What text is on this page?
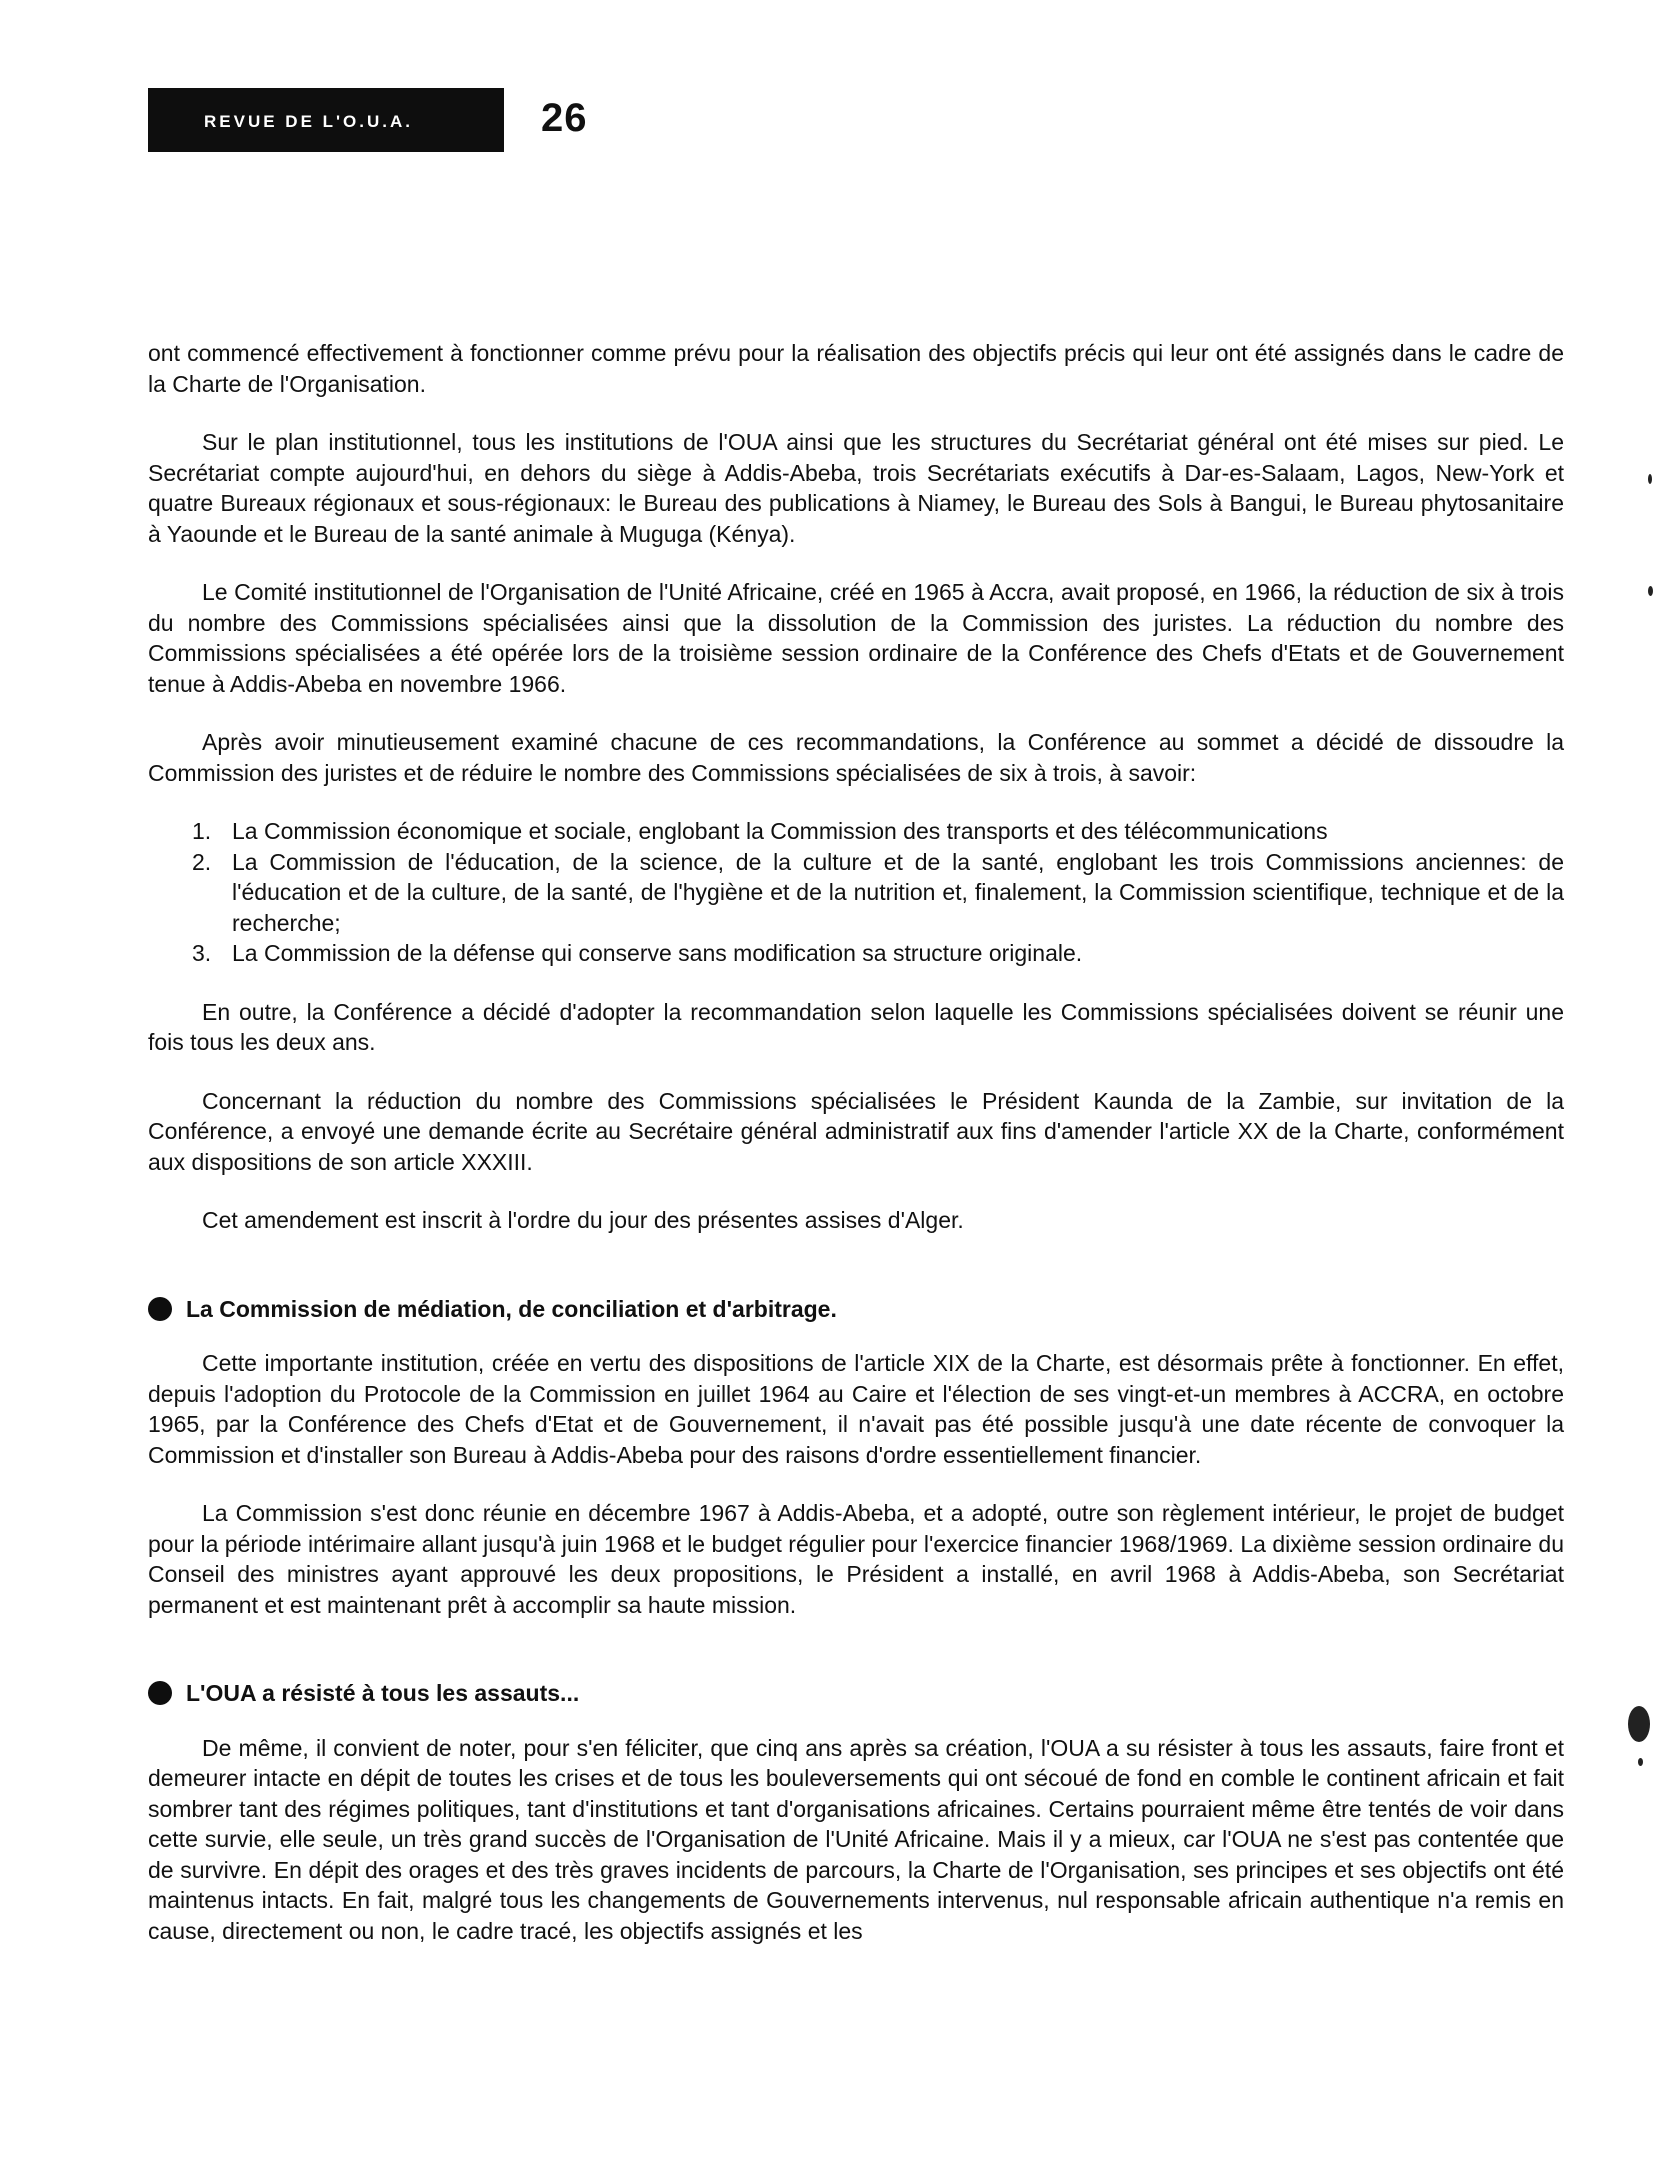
REVUE DE L'O.U.A.	26

ont commencé effectivement à fonctionner comme prévu pour la réalisation des objectifs précis qui leur ont été assignés dans le cadre de la Charte de l'Organisation.

Sur le plan institutionnel, tous les institutions de l'OUA ainsi que les structures du Secrétariat général ont été mises sur pied. Le Secrétariat compte aujourd'hui, en dehors du siège à Addis-Abeba, trois Secrétariats exécutifs à Dar-es-Salaam, Lagos, New-York et quatre Bureaux régionaux et sous-régionaux: le Bureau des publications à Niamey, le Bureau des Sols à Bangui, le Bureau phytosanitaire à Yaounde et le Bureau de la santé animale à Muguga (Kénya).

Le Comité institutionnel de l'Organisation de l'Unité Africaine, créé en 1965 à Accra, avait proposé, en 1966, la réduction de six à trois du nombre des Commissions spécialisées ainsi que la dissolution de la Commission des juristes. La réduction du nombre des Commissions spécialisées a été opérée lors de la troisième session ordinaire de la Conférence des Chefs d'Etats et de Gouvernement tenue à Addis-Abeba en novembre 1966.

Après avoir minutieusement examiné chacune de ces recommandations, la Conférence au sommet a décidé de dissoudre la Commission des juristes et de réduire le nombre des Commissions spécialisées de six à trois, à savoir:

1. La Commission économique et sociale, englobant la Commission des transports et des télécommunications
2. La Commission de l'éducation, de la science, de la culture et de la santé, englobant les trois Commissions anciennes: de l'éducation et de la culture, de la santé, de l'hygiène et de la nutrition et, finalement, la Commission scientifique, technique et de la recherche;
3. La Commission de la défense qui conserve sans modification sa structure originale.

En outre, la Conférence a décidé d'adopter la recommandation selon laquelle les Commissions spécialisées doivent se réunir une fois tous les deux ans.

Concernant la réduction du nombre des Commissions spécialisées le Président Kaunda de la Zambie, sur invitation de la Conférence, a envoyé une demande écrite au Secrétaire général administratif aux fins d'amender l'article XX de la Charte, conformément aux dispositions de son article XXXIII.

Cet amendement est inscrit à l'ordre du jour des présentes assises d'Alger.

La Commission de médiation, de conciliation et d'arbitrage.

Cette importante institution, créée en vertu des dispositions de l'article XIX de la Charte, est désormais prête à fonctionner. En effet, depuis l'adoption du Protocole de la Commission en juillet 1964 au Caire et l'élection de ses vingt-et-un membres à ACCRA, en octobre 1965, par la Conférence des Chefs d'Etat et de Gouvernement, il n'avait pas été possible jusqu'à une date récente de convoquer la Commission et d'installer son Bureau à Addis-Abeba pour des raisons d'ordre essentiellement financier.

La Commission s'est donc réunie en décembre 1967 à Addis-Abeba, et a adopté, outre son règlement intérieur, le projet de budget pour la période intérimaire allant jusqu'à juin 1968 et le budget régulier pour l'exercice financier 1968/1969. La dixième session ordinaire du Conseil des ministres ayant approuvé les deux propositions, le Président a installé, en avril 1968 à Addis-Abeba, son Secrétariat permanent et est maintenant prêt à accomplir sa haute mission.

L'OUA a résisté à tous les assauts...

De même, il convient de noter, pour s'en féliciter, que cinq ans après sa création, l'OUA a su résister à tous les assauts, faire front et demeurer intacte en dépit de toutes les crises et de tous les bouleversements qui ont sécoué de fond en comble le continent africain et fait sombrer tant des régimes politiques, tant d'institutions et tant d'organisations africaines. Certains pourraient même être tentés de voir dans cette survie, elle seule, un très grand succès de l'Organisation de l'Unité Africaine. Mais il y a mieux, car l'OUA ne s'est pas contentée que de survivre. En dépit des orages et des très graves incidents de parcours, la Charte de l'Organisation, ses principes et ses objectifs ont été maintenus intacts. En fait, malgré tous les changements de Gouvernements intervenus, nul responsable africain authentique n'a remis en cause, directement ou non, le cadre tracé, les objectifs assignés et les
